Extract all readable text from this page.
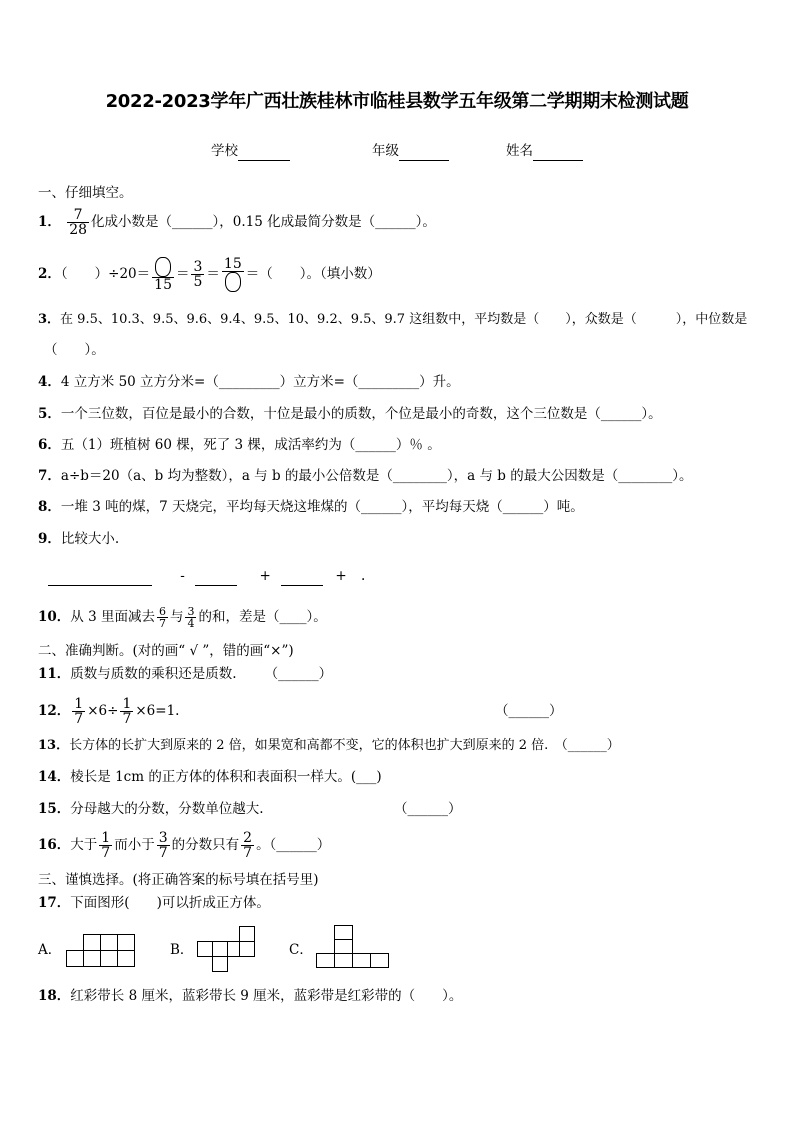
2022-2023学年广西壮族桂林市临桂县数学五年级第二学期期末检测试题
学校	年级	姓名
一、仔细填空。
1． $\frac{7}{28}$ 化成小数是（______），0.15 化成最简分数是（______）。
2．（　　）÷20＝
15
＝ $\frac{3}{5}$ ＝
15
＝（　　）。（填小数）
3．在 9.5、10.3、9.5、9.6、9.4、9.5、10、9.2、9.5、9.7 这组数中，平均数是（　　），众数是（　　　），中位数是
（　　）。
4．4 立方米 50 立方分米=（_________）立方米=（_________）升。
5．一个三位数，百位是最小的合数，十位是最小的质数，个位是最小的奇数，这个三位数是（______）。
6．五（1）班植树 60 棵，死了 3 棵，成活率约为（______）％ 。
7．a÷b＝20（a、b 均为整数），a 与 b 的最小公倍数是（________），a 与 b 的最大公因数是（________）。
8．一堆 3 吨的煤，7 天烧完，平均每天烧这堆煤的（______），平均每天烧（______）吨。
9．比较大小.
-	+	+ .
10．从 3 里面减去 $\frac{6}{7}$ 与 $\frac{3}{4}$ 的和，差是（____）。
二、准确判断。(对的画“ √ ”，错的画“×”)
11．质数与质数的乘积还是质数. （______）
12． $\frac{1}{7} \times 6\div \frac{1}{7} \times 6=1$.	（______）
13．长方体的长扩大到原来的 2 倍，如果宽和高都不变，它的体积也扩大到原来的 2 倍.　（______）
14．棱长是 1cm 的正方体的体积和表面积一样大。(___)
15．分母越大的分数，分数单位越大.	（______）
16．大于 $\frac{1}{7}$ 而小于 $\frac{3}{7}$ 的分数只有 $\frac{2}{7}$ 。（______）
三、谨慎选择。(将正确答案的标号填在括号里)
17．下面图形(　　)可以折成正方体。
A．	B．	C．
18．红彩带长 8 厘米，蓝彩带长 9 厘米，蓝彩带是红彩带的（　　）。
